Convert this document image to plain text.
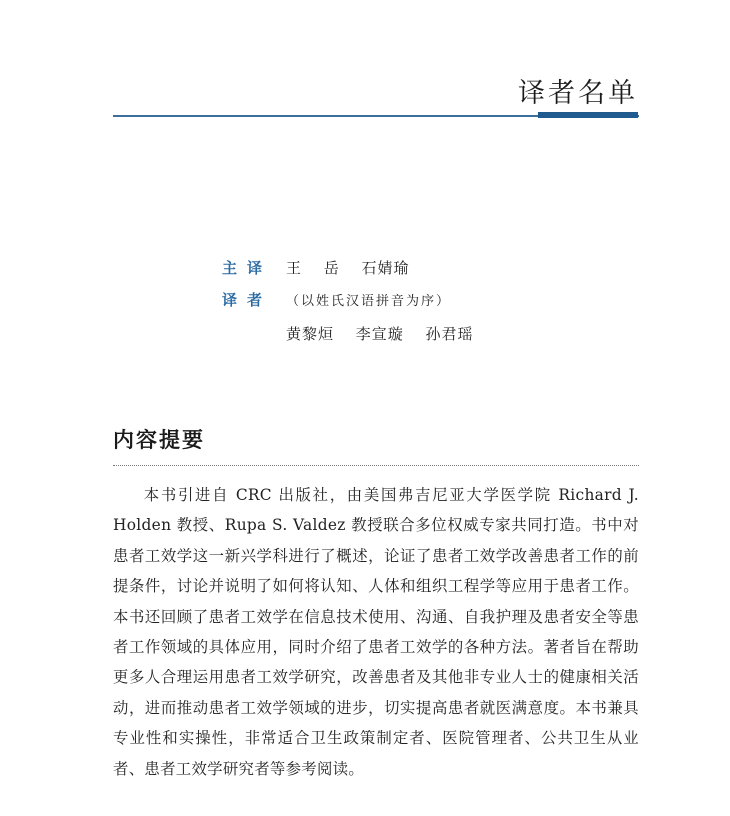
译者名单
主译 王 岳 石婧瑜
译者	（以姓氏汉语拼音为序）
黄黎烜 李宣璇 孙君瑶
内容提要

本书引进自 CRC 出版社，由美国弗吉尼亚大学医学院 Richard J. Holden 教授、Rupa S. Valdez 教授联合多位权威专家共同打造。书中对患者工效学这一新兴学科进行了概述，论证了患者工效学改善患者工作的前提条件，讨论并说明了如何将认知、人体和组织工程学等应用于患者工作。本书还回顾了患者工效学在信息技术使用、沟通、自我护理及患者安全等患者工作领域的具体应用，同时介绍了患者工效学的各种方法。著者旨在帮助更多人合理运用患者工效学研究，改善患者及其他非专业人士的健康相关活动，进而推动患者工效学领域的进步，切实提高患者就医满意度。本书兼具专业性和实操性，非常适合卫生政策制定者、医院管理者、公共卫生从业者、患者工效学研究者等参考阅读。
